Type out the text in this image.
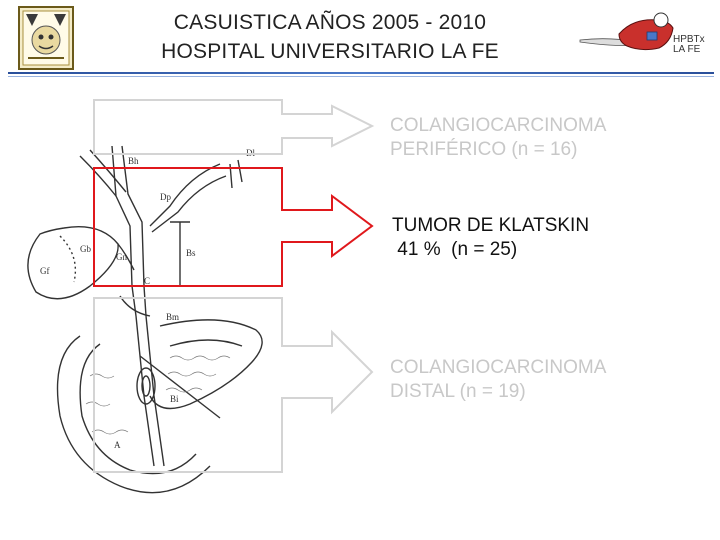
CASUISTICA AÑOS 2005 - 2010
HOSPITAL UNIVERSITARIO LA FE
HPBTx
LA FE
Bh
Dl
Dp
Bs
Gb
Gn
Gf
C
Bm
Bi
A
COLANGIOCARCINOMA
PERIFÉRICO (n = 16)
TUMOR DE KLATSKIN
41 %  (n = 25)
COLANGIOCARCINOMA
DISTAL (n = 19)
